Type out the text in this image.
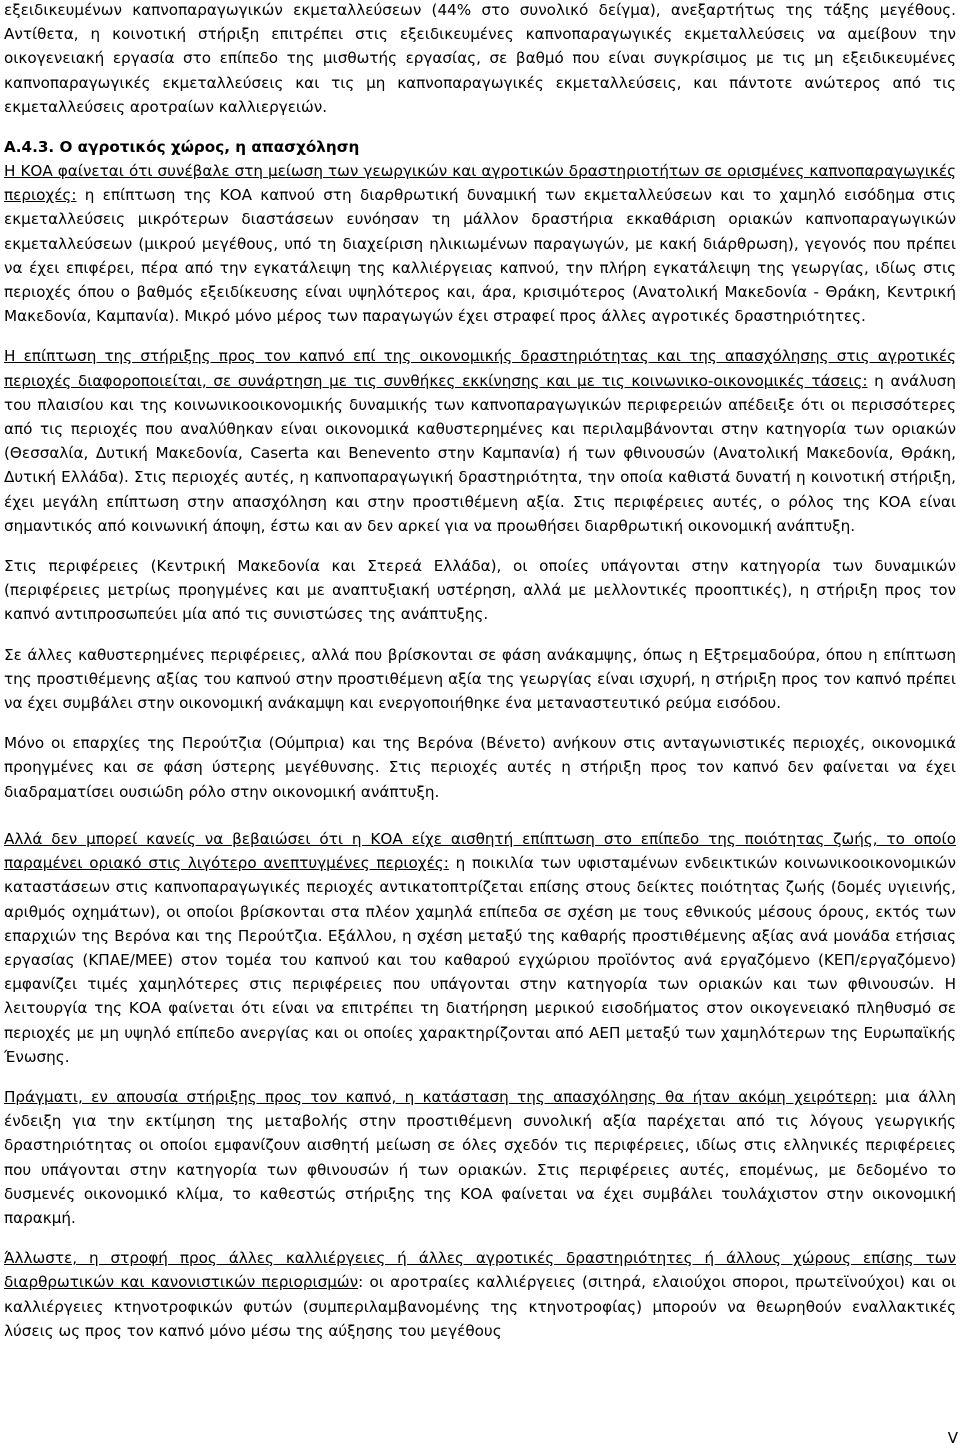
εξειδικευμένων καπνοπαραγωγικών εκμεταλλεύσεων (44% στο συνολικό δείγμα), ανεξαρτήτως της τάξης μεγέθους. Αντίθετα, η κοινοτική στήριξη επιτρέπει στις εξειδικευμένες καπνοπαραγωγικές εκμεταλλεύσεις να αμείβουν την οικογενειακή εργασία στο επίπεδο της μισθωτής εργασίας, σε βαθμό που είναι συγκρίσιμος με τις μη εξειδικευμένες καπνοπαραγωγικές εκμεταλλεύσεις και τις μη καπνοπαραγωγικές εκμεταλλεύσεις, και πάντοτε ανώτερος από τις εκμεταλλεύσεις αροτραίων καλλιεργειών.

Α.4.3. Ο αγροτικός χώρος, η απασχόληση

Η ΚΟΑ φαίνεται ότι συνέβαλε στη μείωση των γεωργικών και αγροτικών δραστηριοτήτων σε ορισμένες καπνοπαραγωγικές περιοχές: η επίπτωση της ΚΟΑ καπνού στη διαρθρωτική δυναμική των εκμεταλλεύσεων και το χαμηλό εισόδημα στις εκμεταλλεύσεις μικρότερων διαστάσεων ευνόησαν τη μάλλον δραστήρια εκκαθάριση οριακών καπνοπαραγωγικών εκμεταλλεύσεων (μικρού μεγέθους, υπό τη διαχείριση ηλικιωμένων παραγωγών, με κακή διάρθρωση), γεγονός που πρέπει να έχει επιφέρει, πέρα από την εγκατάλειψη της καλλιέργειας καπνού, την πλήρη εγκατάλειψη της γεωργίας, ιδίως στις περιοχές όπου ο βαθμός εξειδίκευσης είναι υψηλότερος και, άρα, κρισιμότερος (Ανατολική Μακεδονία - Θράκη, Κεντρική Μακεδονία, Καμπανία). Μικρό μόνο μέρος των παραγωγών έχει στραφεί προς άλλες αγροτικές δραστηριότητες.

Η επίπτωση της στήριξης προς τον καπνό επί της οικονομικής δραστηριότητας και της απασχόλησης στις αγροτικές περιοχές διαφοροποιείται, σε συνάρτηση με τις συνθήκες εκκίνησης και με τις κοινωνικο-οικονομικές τάσεις: η ανάλυση του πλαισίου και της κοινωνικοοικονομικής δυναμικής των καπνοπαραγωγικών περιφερειών απέδειξε ότι οι περισσότερες από τις περιοχές που αναλύθηκαν είναι οικονομικά καθυστερημένες και περιλαμβάνονται στην κατηγορία των οριακών (Θεσσαλία, Δυτική Μακεδονία, Caserta και Benevento στην Καμπανία) ή των φθινουσών (Ανατολική Μακεδονία, Θράκη, Δυτική Ελλάδα). Στις περιοχές αυτές, η καπνοπαραγωγική δραστηριότητα, την οποία καθιστά δυνατή η κοινοτική στήριξη, έχει μεγάλη επίπτωση στην απασχόληση και στην προστιθέμενη αξία. Στις περιφέρειες αυτές, ο ρόλος της ΚΟΑ είναι σημαντικός από κοινωνική άποψη, έστω και αν δεν αρκεί για να προωθήσει διαρθρωτική οικονομική ανάπτυξη.

Στις περιφέρειες (Κεντρική Μακεδονία και Στερεά Ελλάδα), οι οποίες υπάγονται στην κατηγορία των δυναμικών (περιφέρειες μετρίως προηγμένες και με αναπτυξιακή υστέρηση, αλλά με μελλοντικές προοπτικές), η στήριξη προς τον καπνό αντιπροσωπεύει μία από τις συνιστώσες της ανάπτυξης.

Σε άλλες καθυστερημένες περιφέρειες, αλλά που βρίσκονται σε φάση ανάκαμψης, όπως η Εξτρεμαδούρα, όπου η επίπτωση της προστιθέμενης αξίας του καπνού στην προστιθέμενη αξία της γεωργίας είναι ισχυρή, η στήριξη προς τον καπνό πρέπει να έχει συμβάλει στην οικονομική ανάκαμψη και ενεργοποιήθηκε ένα μεταναστευτικό ρεύμα εισόδου.

Μόνο οι επαρχίες της Περούτζια (Ούμπρια) και της Βερόνα (Βένετο) ανήκουν στις ανταγωνιστικές περιοχές, οικονομικά προηγμένες και σε φάση ύστερης μεγέθυνσης. Στις περιοχές αυτές η στήριξη προς τον καπνό δεν φαίνεται να έχει διαδραματίσει ουσιώδη ρόλο στην οικονομική ανάπτυξη.

Αλλά δεν μπορεί κανείς να βεβαιώσει ότι η ΚΟΑ είχε αισθητή επίπτωση στο επίπεδο της ποιότητας ζωής, το οποίο παραμένει οριακό στις λιγότερο ανεπτυγμένες περιοχές: η ποικιλία των υφισταμένων ενδεικτικών κοινωνικοοικονομικών καταστάσεων στις καπνοπαραγωγικές περιοχές αντικατοπτρίζεται επίσης στους δείκτες ποιότητας ζωής (δομές υγιεινής, αριθμός οχημάτων), οι οποίοι βρίσκονται στα πλέον χαμηλά επίπεδα σε σχέση με τους εθνικούς μέσους όρους, εκτός των επαρχιών της Βερόνα και της Περούτζια. Εξάλλου, η σχέση μεταξύ της καθαρής προστιθέμενης αξίας ανά μονάδα ετήσιας εργασίας (ΚΠΑΕ/ΜΕΕ) στον τομέα του καπνού και του καθαρού εγχώριου προϊόντος ανά εργαζόμενο (ΚΕΠ/εργαζόμενο) εμφανίζει τιμές χαμηλότερες στις περιφέρειες που υπάγονται στην κατηγορία των οριακών και των φθινουσών. Η λειτουργία της ΚΟΑ φαίνεται ότι είναι να επιτρέπει τη διατήρηση μερικού εισοδήματος στον οικογενειακό πληθυσμό σε περιοχές με μη υψηλό επίπεδο ανεργίας και οι οποίες χαρακτηρίζονται από ΑΕΠ μεταξύ των χαμηλότερων της Ευρωπαϊκής Ένωσης.

Πράγματι, εν απουσία στήριξης προς τον καπνό, η κατάσταση της απασχόλησης θα ήταν ακόμη χειρότερη: μια άλλη ένδειξη για την εκτίμηση της μεταβολής στην προστιθέμενη συνολική αξία παρέχεται από τις λόγους γεωργικής δραστηριότητας οι οποίοι εμφανίζουν αισθητή μείωση σε όλες σχεδόν τις περιφέρειες, ιδίως στις ελληνικές περιφέρειες που υπάγονται στην κατηγορία των φθινουσών ή των οριακών. Στις περιφέρειες αυτές, επομένως, με δεδομένο το δυσμενές οικονομικό κλίμα, το καθεστώς στήριξης της ΚΟΑ φαίνεται να έχει συμβάλει τουλάχιστον στην οικονομική παρακμή.

Άλλωστε, η στροφή προς άλλες καλλιέργειες ή άλλες αγροτικές δραστηριότητες ή άλλους χώρους επίσης των διαρθρωτικών και κανονιστικών περιορισμών: οι αροτραίες καλλιέργειες (σιτηρά, ελαιούχοι σποροι, πρωτεϊνούχοι) και οι καλλιέργειες κτηνοτροφικών φυτών (συμπεριλαμβανομένης της κτηνοτροφίας) μπορούν να θεωρηθούν εναλλακτικές λύσεις ως προς τον καπνό μόνο μέσω της αύξησης του μεγέθους

V
